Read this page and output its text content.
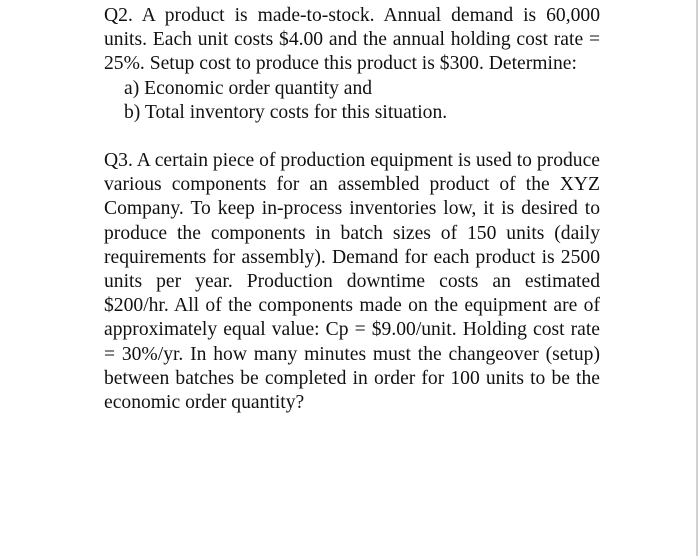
Q2. A product is made-to-stock. Annual demand is 60,000 units. Each unit costs $4.00 and the annual holding cost rate = 25%. Setup cost to produce this product is $300. Determine:
a) Economic order quantity and
b) Total inventory costs for this situation.
Q3. A certain piece of production equipment is used to produce various components for an assembled product of the XYZ Company. To keep in-process inventories low, it is desired to produce the components in batch sizes of 150 units (daily requirements for assembly). Demand for each product is 2500 units per year. Production downtime costs an estimated $200/hr. All of the components made on the equipment are of approximately equal value: Cp = $9.00/unit. Holding cost rate = 30%/yr. In how many minutes must the changeover (setup) between batches be completed in order for 100 units to be the economic order quantity?
